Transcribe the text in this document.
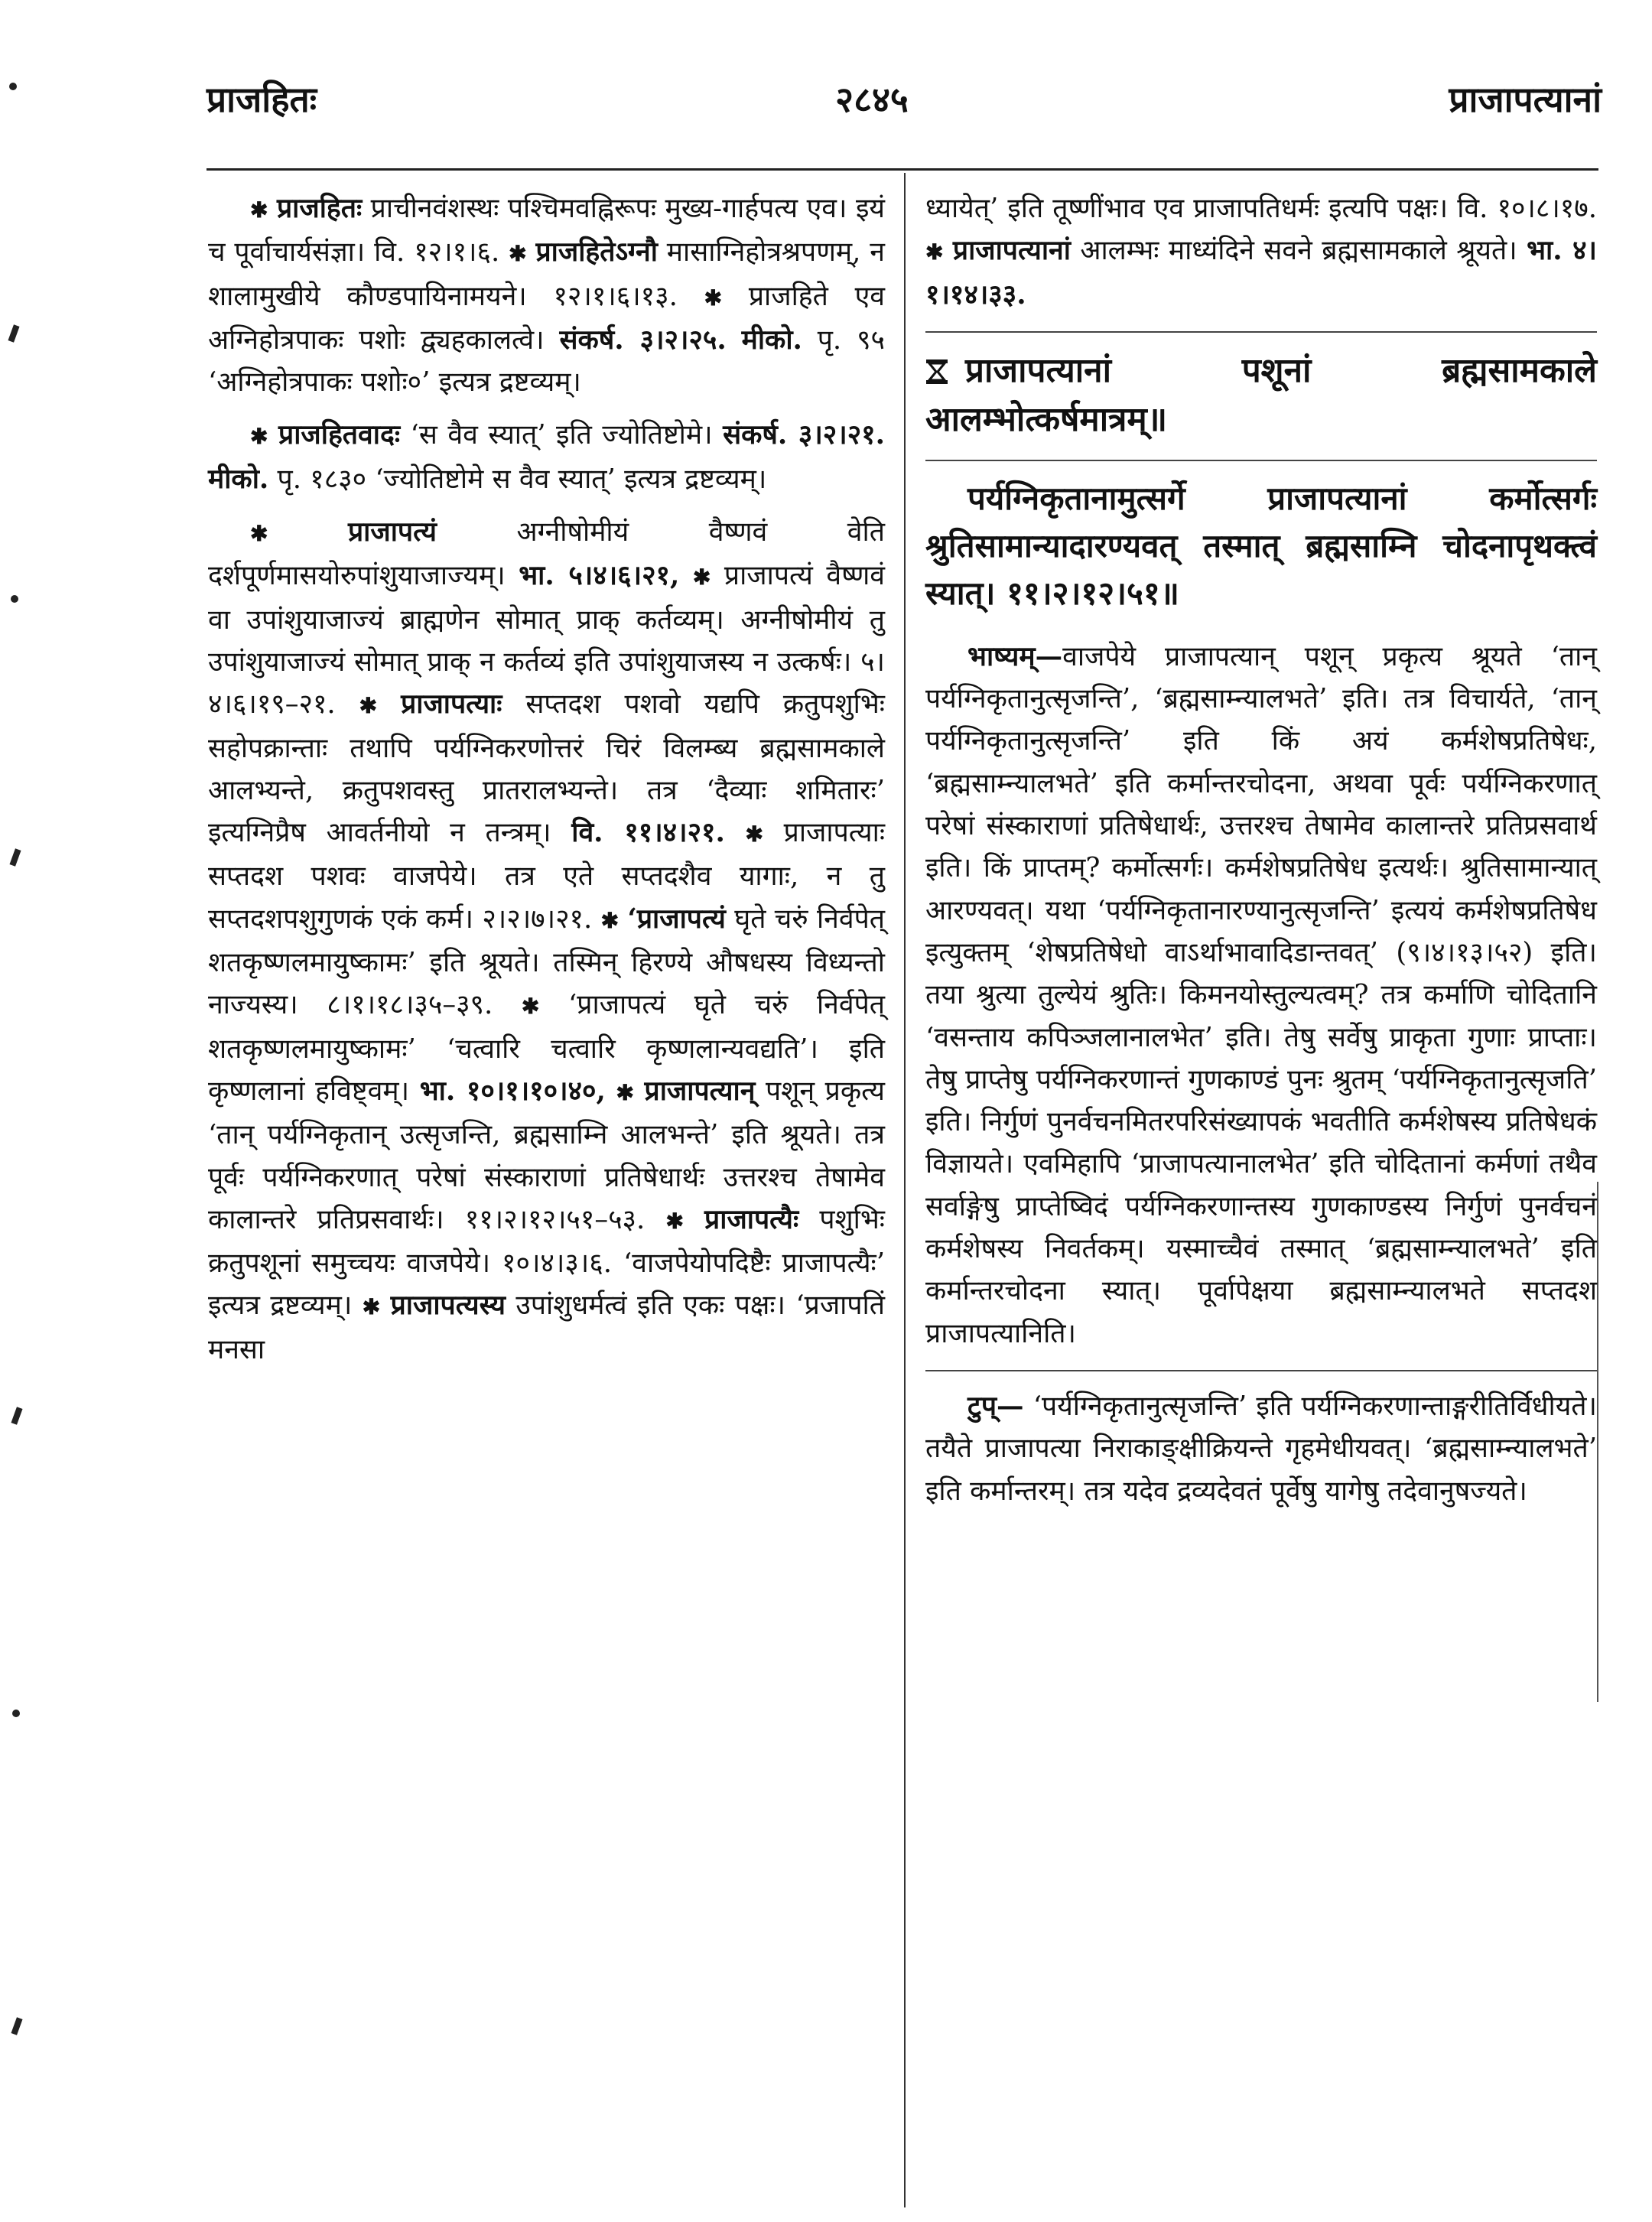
प्राजहितः	२८४५	प्राजापत्यानां

✱ प्राजहितः प्राचीनवंशस्थः पश्चिमवह्निरूपः मुख्य-गार्हपत्य एव। इयं च पूर्वाचार्यसंज्ञा। वि. १२।१।६. ✱ प्राजहितेऽग्नौ मासाग्निहोत्रश्रपणम्, न शालामुखीये कौण्डपायिनामयने। १२।१।६।१३. ✱ प्राजहिते एव अग्निहोत्रपाकः पशोः द्व्यहकालत्वे। संकर्ष. ३।२।२५. मीको. पृ. ९५ ‘अग्निहोत्रपाकः पशोः०’ इत्यत्र द्रष्टव्यम्।

✱ प्राजहितवादः ‘स वैव स्यात्’ इति ज्योतिष्टोमे। संकर्ष. ३।२।२१. मीको. पृ. १८३० ‘ज्योतिष्टोमे स वैव स्यात्’ इत्यत्र द्रष्टव्यम्।

✱	प्राजापत्यं अग्नीषोमीयं वैष्णवं वेति दर्शपूर्णमासयोरुपांशुयाजाज्यम्। भा. ५।४।६।२१, ✱ प्राजापत्यं वैष्णवं वा उपांशुयाजाज्यं ब्राह्मणेन सोमात् प्राक् कर्तव्यम्। अग्नीषोमीयं तु उपांशुयाजाज्यं सोमात् प्राक् न कर्तव्यं इति उपांशुयाजस्य न उत्कर्षः। ५।४।६।१९–२१. ✱ प्राजापत्याः सप्तदश पशवो यद्यपि क्रतुपशुभिः सहोपक्रान्ताः तथापि पर्यग्निकरणोत्तरं चिरं विलम्ब्य ब्रह्मसामकाले आलभ्यन्ते, क्रतुपशवस्तु प्रातरालभ्यन्ते। तत्र ‘दैव्याः शमितारः’ इत्यग्निप्रैष आवर्तनीयो न तन्त्रम्। वि. ११।४।२१. ✱ प्राजापत्याः सप्तदश पशवः वाजपेये। तत्र एते सप्तदशैव यागाः, न तु सप्तदशपशुगुणकं एकं कर्म। २।२।७।२१. ✱ ‘प्राजापत्यं घृते चरुं निर्वपेत् शतकृष्णलमायुष्कामः’ इति श्रूयते। तस्मिन् हिरण्ये औषधस्य विध्यन्तो नाज्यस्य। ८।१।१८।३५–३९. ✱ ‘प्राजापत्यं घृते चरुं निर्वपेत् शतकृष्णलमायुष्कामः’ ‘चत्वारि चत्वारि कृष्णलान्यवद्यति’। इति कृष्णलानां हविष्ट्वम्। भा. १०।१।१०।४०, ✱ प्राजापत्यान् पशून् प्रकृत्य ‘तान् पर्यग्निकृतान् उत्सृजन्ति, ब्रह्मसाम्नि आलभन्ते’ इति श्रूयते। तत्र पूर्वः पर्यग्निकरणात् परेषां संस्काराणां प्रतिषेधार्थः उत्तरश्च तेषामेव कालान्तरे प्रतिप्रसवार्थः। ११।२।१२।५१–५३. ✱ प्राजापत्यैः पशुभिः क्रतुपशूनां समुच्चयः वाजपेये। १०।४।३।६. ‘वाजपेयोपदिष्टैः प्राजापत्यैः’ इत्यत्र द्रष्टव्यम्। ✱ प्राजापत्यस्य उपांशुधर्मत्वं इति एकः पक्षः। ‘प्रजापतिं मनसा

ध्यायेत्’ इति तूष्णींभाव एव प्राजापतिधर्मः इत्यपि पक्षः। वि. १०।८।१७. ✱ प्राजापत्यानां आलम्भः माध्यंदिने सवने ब्रह्मसामकाले श्रूयते। भा. ४।१।१४।३३.

प्राजापत्यानां पशूनां ब्रह्मसामकाले आलम्भोत्कर्षमात्रम्॥

पर्यग्निकृतानामुत्सर्गे प्राजापत्यानां कर्मोत्सर्गः श्रुतिसामान्यादारण्यवत् तस्मात् ब्रह्मसाम्नि चोदनापृथक्त्वं स्यात्। ११।२।१२।५१॥

भाष्यम्—वाजपेये प्राजापत्यान् पशून् प्रकृत्य श्रूयते ‘तान् पर्यग्निकृतानुत्सृजन्ति’, ‘ब्रह्मसाम्न्यालभते’ इति। तत्र विचार्यते, ‘तान् पर्यग्निकृतानुत्सृजन्ति’ इति किं अयं कर्मशेषप्रतिषेधः, ‘ब्रह्मसाम्न्यालभते’ इति कर्मान्तरचोदना, अथवा पूर्वः पर्यग्निकरणात् परेषां संस्काराणां प्रतिषेधार्थः, उत्तरश्च तेषामेव कालान्तरे प्रतिप्रसवार्थ इति। किं प्राप्तम्? कर्मोत्सर्गः। कर्मशेषप्रतिषेध इत्यर्थः। श्रुतिसामान्यात् आरण्यवत्। यथा ‘पर्यग्निकृतानारण्यानुत्सृजन्ति’ इत्ययं कर्मशेषप्रतिषेध इत्युक्तम् ‘शेषप्रतिषेधो वाऽर्थाभावादिडान्तवत्’ (९।४।१३।५२) इति। तया श्रुत्या तुल्येयं श्रुतिः। किमनयोस्तुल्यत्वम्? तत्र कर्माणि चोदितानि ‘वसन्ताय कपिञ्जलानालभेत’ इति। तेषु सर्वेषु प्राकृता गुणाः प्राप्ताः। तेषु प्राप्तेषु पर्यग्निकरणान्तं गुणकाण्डं पुनः श्रुतम् ‘पर्यग्निकृतानुत्सृजति’ इति। निर्गुणं पुनर्वचनमितरपरिसंख्यापकं भवतीति कर्मशेषस्य प्रतिषेधकं विज्ञायते। एवमिहापि ‘प्राजापत्यानालभेत’ इति चोदितानां कर्मणां तथैव सर्वाङ्गेषु प्राप्तेष्विदं पर्यग्निकरणान्तस्य गुणकाण्डस्य निर्गुणं पुनर्वचनं कर्मशेषस्य निवर्तकम्। यस्माच्चैवं तस्मात् ‘ब्रह्मसाम्न्यालभते’ इति कर्मान्तरचोदना स्यात्। पूर्वापेक्षया ब्रह्मसाम्न्यालभते सप्तदश प्राजापत्यानिति।

टुप्— ‘पर्यग्निकृतानुत्सृजन्ति’ इति पर्यग्निकरणान्ताङ्गरीतिर्विधीयते। तयैते प्राजापत्या निराकाङ्क्षीक्रियन्ते गृहमेधीयवत्। ‘ब्रह्मसाम्न्यालभते’ इति कर्मान्तरम्। तत्र यदेव द्रव्यदेवतं पूर्वेषु यागेषु तदेवानुषज्यते।
